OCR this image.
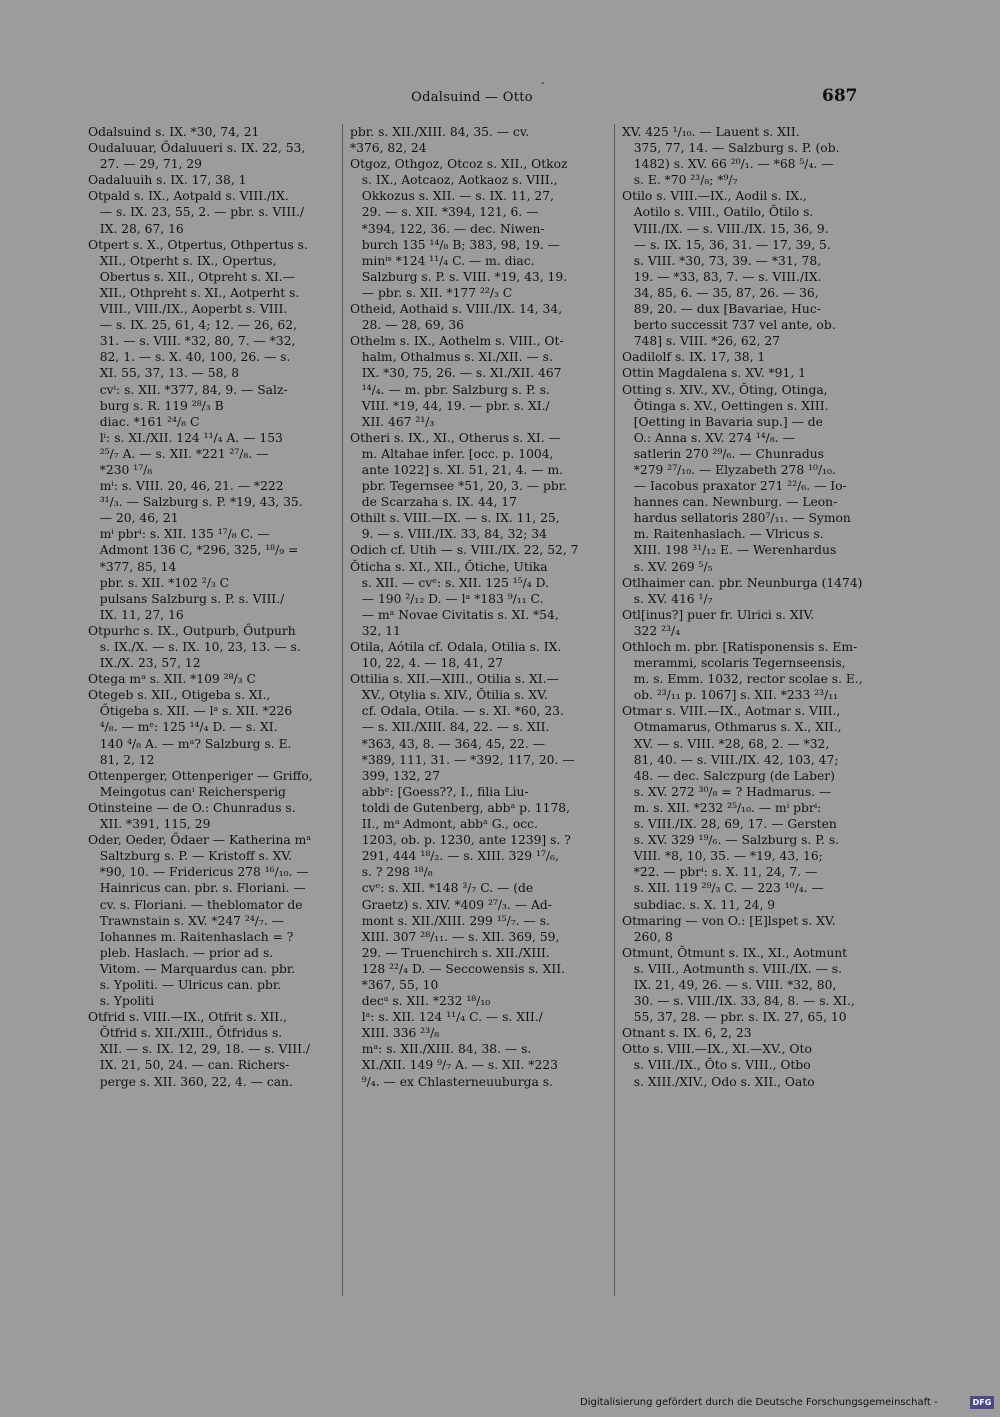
-
Odalsuind — Otto	687
Odalsuind s. IX. *30, 74, 21
Oudaluuar, Ődaluueri s. IX. 22, 53,
27. — 29, 71, 29
Oadaluuih s. IX. 17, 38, 1
Otpald s. IX., Aotpald s. VIII./IX.
— s. IX. 23, 55, 2. — pbr. s. VIII./
IX. 28, 67, 16
Otpert s. X., Otpertus, Othpertus s.
XII., Otperht s. IX., Opertus,
Obertus s. XII., Otpreht s. XI.—
XII., Othpreht s. XI., Aotperht s.
VIII., VIII./IX., Aoperbt s. VIII.
— s. IX. 25, 61, 4; 12. — 26, 62,
31. — s. VIII. *32, 80, 7. — *32,
82, 1. — s. X. 40, 100, 26. — s.
XI. 55, 37, 13. — 58, 8
cvⁱ: s. XII. *377, 84, 9. — Salz-
burg s. R. 119 ²⁸/₃ B
diac. *161 ²⁴/₈ C
lⁱ: s. XI./XII. 124 ¹¹/₄ A. — 153
²⁵/₇ A. — s. XII. *221 ²⁷/₈. —
*230 ¹⁷/₈
mⁱ: s. VIII. 20, 46, 21. — *222
³¹/₃. — Salzburg s. P. *19, 43, 35.
— 20, 46, 21
mⁱ pbrⁱ: s. XII. 135 ¹⁷/₈ C. —
Admont 136 C, *296, 325, ¹⁸/₉ =
*377, 85, 14
pbr. s. XII. *102 ²/₃ C
pulsans Salzburg s. P. s. VIII./
IX. 11, 27, 16
Otpurhc s. IX., Outpurb, Őutpurh
s. IX./X. — s. IX. 10, 23, 13. — s.
IX./X. 23, 57, 12
Otega mᵃ s. XII. *109 ²⁸/₃ C
Otegeb s. XII., Otigeba s. XI.,
Őtigeba s. XII. — lᵃ s. XII. *226
⁴/₈. — mᵉ: 125 ¹⁴/₄ D. — s. XI.
140 ⁴/₈ A. — mᵃ? Salzburg s. E.
81, 2, 12
Ottenperger, Ottenperiger — Griffo,
Meingotus canⁱ Reichersperig
Otinsteine — de O.: Chunradus s.
XII. *391, 115, 29
Oder, Oeder, Ődaer — Katherina mᵃ
Saltzburg s. P. — Kristoff s. XV.
*90, 10. — Fridericus 278 ¹⁶/₁₀. —
Hainricus can. pbr. s. Floriani. —
cv. s. Floriani. — theblomator de
Trawnstain s. XV. *247 ²⁴/₇. —
Iohannes m. Raitenhaslach = ?
pleb. Haslach. — prior ad s.
Vitom. — Marquardus can. pbr.
s. Ypoliti. — Ulricus can. pbr.
s. Ypoliti
Otfrid s. VIII.—IX., Otfrit s. XII.,
Ŏtfrid s. XII./XIII., Ŏtfridus s.
XII. — s. IX. 12, 29, 18. — s. VIII./
IX. 21, 50, 24. — can. Richers-
perge s. XII. 360, 22, 4. — can.
pbr. s. XII./XIII. 84, 35. — cv.
*376, 82, 24
Otgoz, Othgoz, Otcoz s. XII., Otkoz
s. IX., Aotcaoz, Aotkaoz s. VIII.,
Okkozus s. XII. — s. IX. 11, 27,
29. — s. XII. *394, 121, 6. —
*394, 122, 36. — dec. Niwen-
burch 135 ¹⁴/₈ B; 383, 98, 19. —
minⁱˢ *124 ¹¹/₄ C. — m. diac.
Salzburg s. P. s. VIII. *19, 43, 19.
— pbr. s. XII. *177 ²²/₃ C
Otheid, Aothaid s. VIII./IX. 14, 34,
28. — 28, 69, 36
Othelm s. IX., Aothelm s. VIII., Ot-
halm, Othalmus s. XI./XII. — s.
IX. *30, 75, 26. — s. XI./XII. 467
¹⁴/₄. — m. pbr. Salzburg s. P. s.
VIII. *19, 44, 19. — pbr. s. XI./
XII. 467 ²¹/₃
Otheri s. IX., XI., Otherus s. XI. —
m. Altahae infer. [occ. p. 1004,
ante 1022] s. XI. 51, 21, 4. — m.
pbr. Tegernsee *51, 20, 3. — pbr.
de Scarzaha s. IX. 44, 17
Othilt s. VIII.—IX. — s. IX. 11, 25,
9. — s. VIII./IX. 33, 84, 32; 34
Odich cf. Utih — s. VIII./IX. 22, 52, 7
Ŏticha s. XI., XII., Ŏtiche, Utika
s. XII. — cvᵉ: s. XII. 125 ¹⁵/₄ D.
— 190 ²/₁₂ D. — lᵃ *183 ⁹/₁₁ C.
— mᵃ Novae Civitatis s. XI. *54,
32, 11
Otila, Aótila cf. Odala, Otilia s. IX.
10, 22, 4. — 18, 41, 27
Ottilia s. XII.—XIII., Otilia s. XI.—
XV., Otylia s. XIV., Ŏtilia s. XV.
cf. Odala, Otila. — s. XI. *60, 23.
— s. XII./XIII. 84, 22. — s. XII.
*363, 43, 8. — 364, 45, 22. —
*389, 111, 31. — *392, 117, 20. —
399, 132, 27
abbᵉ: [Goess??, I., filia Liu-
toldi de Gutenberg, abbᵃ p. 1178,
II., mᵃ Admont, abbᵃ G., occ.
1203, ob. p. 1230, ante 1239] s. ?
291, 444 ¹⁸/₂. — s. XIII. 329 ¹⁷/₆,
s. ? 298 ¹⁸/₈
cvᵉ: s. XII. *148 ³/₇ C. — (de
Graetz) s. XIV. *409 ²⁷/₃. — Ad-
mont s. XII./XIII. 299 ¹⁵/₇. — s.
XIII. 307 ²⁸/₁₁. — s. XII. 369, 59,
29. — Truenchirch s. XII./XIII.
128 ²²/₄ D. — Seccowensis s. XII.
*367, 55, 10
decᵃ s. XII. *232 ¹⁸/₁₀
lᵃ: s. XII. 124 ¹¹/₄ C. — s. XII./
XIII. 336 ²³/₈
mᵃ: s. XII./XIII. 84, 38. — s.
XI./XII. 149 ⁹/₇ A. — s. XII. *223
⁹/₄. — ex Chlasterneuuburga s.
XV. 425 ¹/₁₀. — Lauent s. XII.
375, 77, 14. — Salzburg s. P. (ob.
1482) s. XV. 66 ²⁰/₁. — *68 ⁵/₄. —
s. E. *70 ²³/₈; *⁹/₇
Otilo s. VIII.—IX., Aodil s. IX.,
Aotilo s. VIII., Oatilo, Ŏtilo s.
VIII./IX. — s. VIII./IX. 15, 36, 9.
— s. IX. 15, 36, 31. — 17, 39, 5.
s. VIII. *30, 73, 39. — *31, 78,
19. — *33, 83, 7. — s. VIII./IX.
34, 85, 6. — 35, 87, 26. — 36,
89, 20. — dux [Bavariae, Huc-
berto successit 737 vel ante, ob.
748] s. VIII. *26, 62, 27
Oadilolf s. IX. 17, 38, 1
Ottin Magdalena s. XV. *91, 1
Otting s. XIV., XV., Ŏting, Otinga,
Ŏtinga s. XV., Oettingen s. XIII.
[Oetting in Bavaria sup.] — de
O.: Anna s. XV. 274 ¹⁴/₈. —
satlerin 270 ²⁹/₆. — Chunradus
*279 ²⁷/₁₀. — Elyzabeth 278 ¹⁰/₁₀.
— Iacobus praxator 271 ²²/₆. — Io-
hannes can. Newnburg. — Leon-
hardus sellatoris 280⁷/₁₁. — Symon
m. Raitenhaslach. — Vlricus s.
XIII. 198 ³¹/₁₂ E. — Werenhardus
s. XV. 269 ⁵/₅
Otlhaimer can. pbr. Neunburga (1474)
s. XV. 416 ¹/₇
Otl[inus?] puer fr. Ulrici s. XIV.
322 ²³/₄
Othloch m. pbr. [Ratisponensis s. Em-
merammi, scolaris Tegernseensis,
m. s. Emm. 1032, rector scolae s. E.,
ob. ²³/₁₁ p. 1067] s. XII. *233 ²³/₁₁
Otmar s. VIII.—IX., Aotmar s. VIII.,
Otmamarus, Othmarus s. X., XII.,
XV. — s. VIII. *28, 68, 2. — *32,
81, 40. — s. VIII./IX. 42, 103, 47;
48. — dec. Salczpurg (de Laber)
s. XV. 272 ³⁰/₈ = ? Hadmarus. —
m. s. XII. *232 ²⁵/₁₀. — mⁱ pbrⁱ:
s. VIII./IX. 28, 69, 17. — Gersten
s. XV. 329 ¹⁹/₆. — Salzburg s. P. s.
VIII. *8, 10, 35. — *19, 43, 16;
*22. — pbrⁱ: s. X. 11, 24, 7. —
s. XII. 119 ²⁹/₃ C. — 223 ¹⁰/₄. —
subdiac. s. X. 11, 24, 9
Otmaring — von O.: [E]lspet s. XV.
260, 8
Otmunt, Ŏtmunt s. IX., XI., Aotmunt
s. VIII., Aotmunth s. VIII./IX. — s.
IX. 21, 49, 26. — s. VIII. *32, 80,
30. — s. VIII./IX. 33, 84, 8. — s. XI.,
55, 37, 28. — pbr. s. IX. 27, 65, 10
Otnant s. IX. 6, 2, 23
Otto s. VIII.—IX., XI.—XV., Oto
s. VIII./IX., Ŏto s. VIII., Otbo
s. XIII./XIV., Odo s. XII., Oato
Digitalisierung gefördert durch die Deutsche Forschungsgemeinschaft -	DFG
